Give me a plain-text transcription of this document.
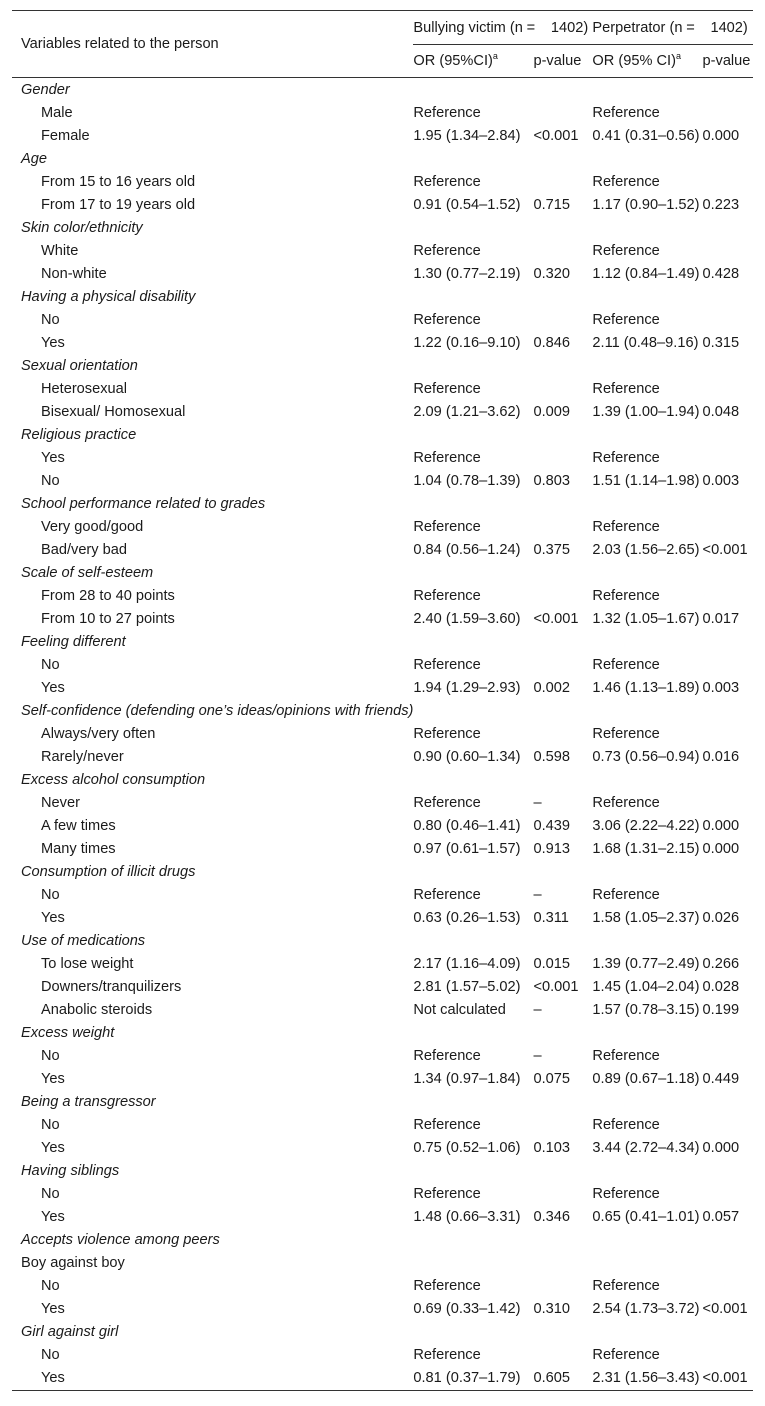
Variables related to the person	Bullying victim (n = 1402)		Perpetrator (n = 1402)	
	OR $(95\%CI)^a$	p-value	OR (95% CI)$^a$	p-value
Gender				
Male	Reference		Reference	
Female	1.95 (1.34–2.84)	<0.001	0.41 (0.31–0.56)	0.000
Age				
From 15 to 16 years old	Reference		Reference	
From 17 to 19 years old	0.91 (0.54–1.52)	0.715	1.17 (0.90–1.52)	0.223
Skin color/ethnicity				
White	Reference		Reference	
Non-white	1.30 (0.77–2.19)	0.320	1.12 (0.84–1.49)	0.428
Having a physical disability				
No	Reference		Reference	
Yes	1.22 (0.16–9.10)	0.846	2.11 (0.48–9.16)	0.315
Sexual orientation				
Heterosexual	Reference		Reference	
Bisexual/ Homosexual	2.09 (1.21–3.62)	0.009	1.39 (1.00–1.94)	0.048
Religious practice				
Yes	Reference		Reference	
No	1.04 (0.78–1.39)	0.803	1.51 (1.14–1.98)	0.003
School performance related to grades				
Very good/good	Reference		Reference	
Bad/very bad	0.84 (0.56–1.24)	0.375	2.03 (1.56–2.65)	<0.001
Scale of self-esteem				
From 28 to 40 points	Reference		Reference	
From 10 to 27 points	2.40 (1.59–3.60)	<0.001	1.32 (1.05–1.67)	0.017
Feeling different				
No	Reference		Reference	
Yes	1.94 (1.29–2.93)	0.002	1.46 (1.13–1.89)	0.003
Self-confidence (defending one’s ideas/opinions with friends)				
Always/very often	Reference		Reference	
Rarely/never	0.90 (0.60–1.34)	0.598	0.73 (0.56–0.94)	0.016
Excess alcohol consumption				
Never	Reference	–	Reference	
A few times	0.80 (0.46–1.41)	0.439	3.06 (2.22–4.22)	0.000
Many times	0.97 (0.61–1.57)	0.913	1.68 (1.31–2.15)	0.000
Consumption of illicit drugs				
No	Reference	–	Reference	
Yes	0.63 (0.26–1.53)	0.311	1.58 (1.05–2.37)	0.026
Use of medications				
To lose weight	2.17 (1.16–4.09)	0.015	1.39 (0.77–2.49)	0.266
Downers/tranquilizers	2.81 (1.57–5.02)	<0.001	1.45 (1.04–2.04)	0.028
Anabolic steroids	Not calculated	–	1.57 (0.78–3.15)	0.199
Excess weight				
No	Reference	–	Reference	
Yes	1.34 (0.97–1.84)	0.075	0.89 (0.67–1.18)	0.449
Being a transgressor				
No	Reference		Reference	
Yes	0.75 (0.52–1.06)	0.103	3.44 (2.72–4.34)	0.000
Having siblings				
No	Reference		Reference	
Yes	1.48 (0.66–3.31)	0.346	0.65 (0.41–1.01)	0.057
Accepts violence among peers				
Boy against boy				
No	Reference		Reference	
Yes	0.69 (0.33–1.42)	0.310	2.54 (1.73–3.72)	<0.001
Girl against girl				
No	Reference		Reference	
Yes	0.81 (0.37–1.79)	0.605	2.31 (1.56–3.43)	<0.001
